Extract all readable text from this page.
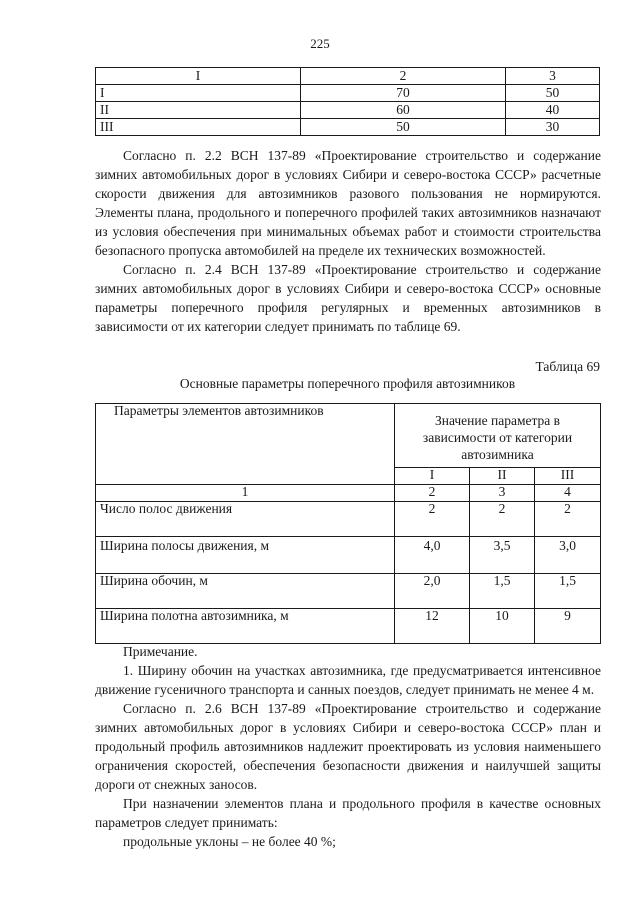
225
I	2	3
I	70	50
II	60	40
III	50	30

Согласно п. 2.2 ВСН 137-89 «Проектирование строительство и содержание зимних автомобильных дорог в условиях Сибири и северо-востока СССР» расчетные скорости движения для автозимников разового пользования не нормируются. Элементы плана, продольного и поперечного профилей таких автозимников назначают из условия обеспечения при минимальных объемах работ и стоимости строительства безопасного пропуска автомобилей на пределе их технических возможностей.

Согласно п. 2.4 ВСН 137-89 «Проектирование строительство и содержание зимних автомобильных дорог в условиях Сибири и северо-востока СССР» основные параметры поперечного профиля регулярных и временных автозимников в зависимости от их категории следует принимать по таблице 69.

Таблица 69
Основные параметры поперечного профиля автозимников
Параметры элементов автозимников	Значение параметра в зависимости от категории автозимника		
	I	II	III
1	2	3	4
Число полос движения	2	2	2
Ширина полосы движения, м	4,0	3,5	3,0
Ширина обочин, м	2,0	1,5	1,5
Ширина полотна автозимника, м	12	10	9

Примечание.

1. Ширину обочин на участках автозимника, где предусматривается интенсивное движение гусеничного транспорта и санных поездов, следует принимать не менее 4 м.

Согласно п. 2.6 ВСН 137-89 «Проектирование строительство и содержание зимних автомобильных дорог в условиях Сибири и северо-востока СССР» план и продольный профиль автозимников надлежит проектировать из условия наименьшего ограничения скоростей, обеспечения безопасности движения и наилучшей защиты дороги от снежных заносов.

При назначении элементов плана и продольного профиля в качестве основных параметров следует принимать:

продольные уклоны – не более 40 %;
